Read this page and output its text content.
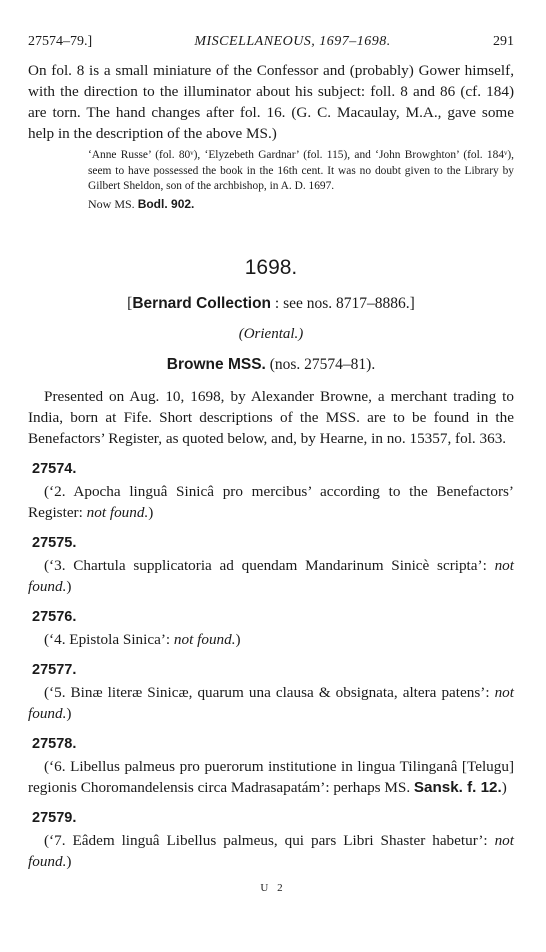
27574–79.]	MISCELLANEOUS, 1697–1698.	291

On fol. 8 is a small miniature of the Confessor and (probably) Gower himself, with the direction to the illuminator about his subject: foll. 8 and 86 (cf. 184) are torn. The hand changes after fol. 16. (G. C. Macaulay, M.A., gave some help in the description of the above MS.)

‘Anne Russe’ (fol. 80ᵛ), ‘Elyzebeth Gardnar’ (fol. 115), and ‘John Browghton’ (fol. 184ᵛ), seem to have possessed the book in the 16th cent. It was no doubt given to the Library by Gilbert Sheldon, son of the archbishop, in A. D. 1697.

Now MS. Bodl. 902.

1698.

[Bernard Collection : see nos. 8717–8886.]

(Oriental.)

Browne MSS. (nos. 27574–81).

Presented on Aug. 10, 1698, by Alexander Browne, a merchant trading to India, born at Fife. Short descriptions of the MSS. are to be found in the Benefactors’ Register, as quoted below, and, by Hearne, in no. 15357, fol. 363.

27574.

(‘2. Apocha linguâ Sinicâ pro mercibus’ according to the Benefactors’ Register: not found.)

27575.

(‘3. Chartula supplicatoria ad quendam Mandarinum Sinicè scripta’: not found.)

27576.

(‘4. Epistola Sinica’: not found.)

27577.

(‘5. Binæ literæ Sinicæ, quarum una clausa & obsignata, altera patens’: not found.)

27578.

(‘6. Libellus palmeus pro puerorum institutione in lingua Tilinganâ [Telugu] regionis Choromandelensis circa Madrasapatám’: perhaps MS. Sansk. f. 12.)

27579.

(‘7. Eâdem linguâ Libellus palmeus, qui pars Libri Shaster habetur’: not found.)

U 2
